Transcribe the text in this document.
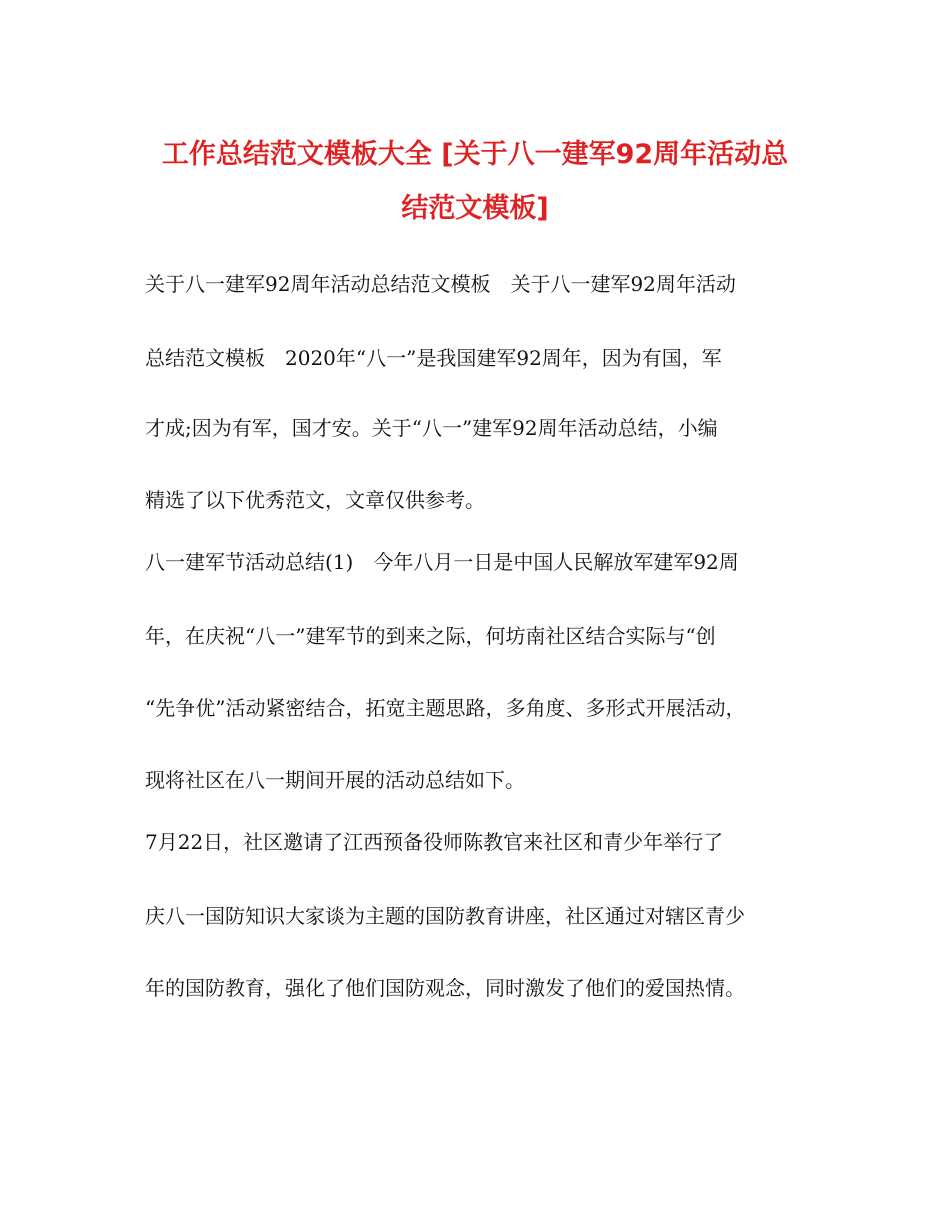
工作总结范文模板大全 [关于八一建军92周年活动总
结范文模板]
关于八一建军92周年活动总结范文模板　关于八一建军92周年活动
总结范文模板　2020年“八一”是我国建军92周年，因为有国，军
才成;因为有军，国才安。关于“八一”建军92周年活动总结，小编
精选了以下优秀范文，文章仅供参考。
八一建军节活动总结(1)　今年八月一日是中国人民解放军建军92周
年，在庆祝“八一”建军节的到来之际，何坊南社区结合实际与“创
“先争优”活动紧密结合，拓宽主题思路，多角度、多形式开展活动，
现将社区在八一期间开展的活动总结如下。
7月22日，社区邀请了江西预备役师陈教官来社区和青少年举行了
庆八一国防知识大家谈为主题的国防教育讲座，社区通过对辖区青少
年的国防教育，强化了他们国防观念，同时激发了他们的爱国热情。
